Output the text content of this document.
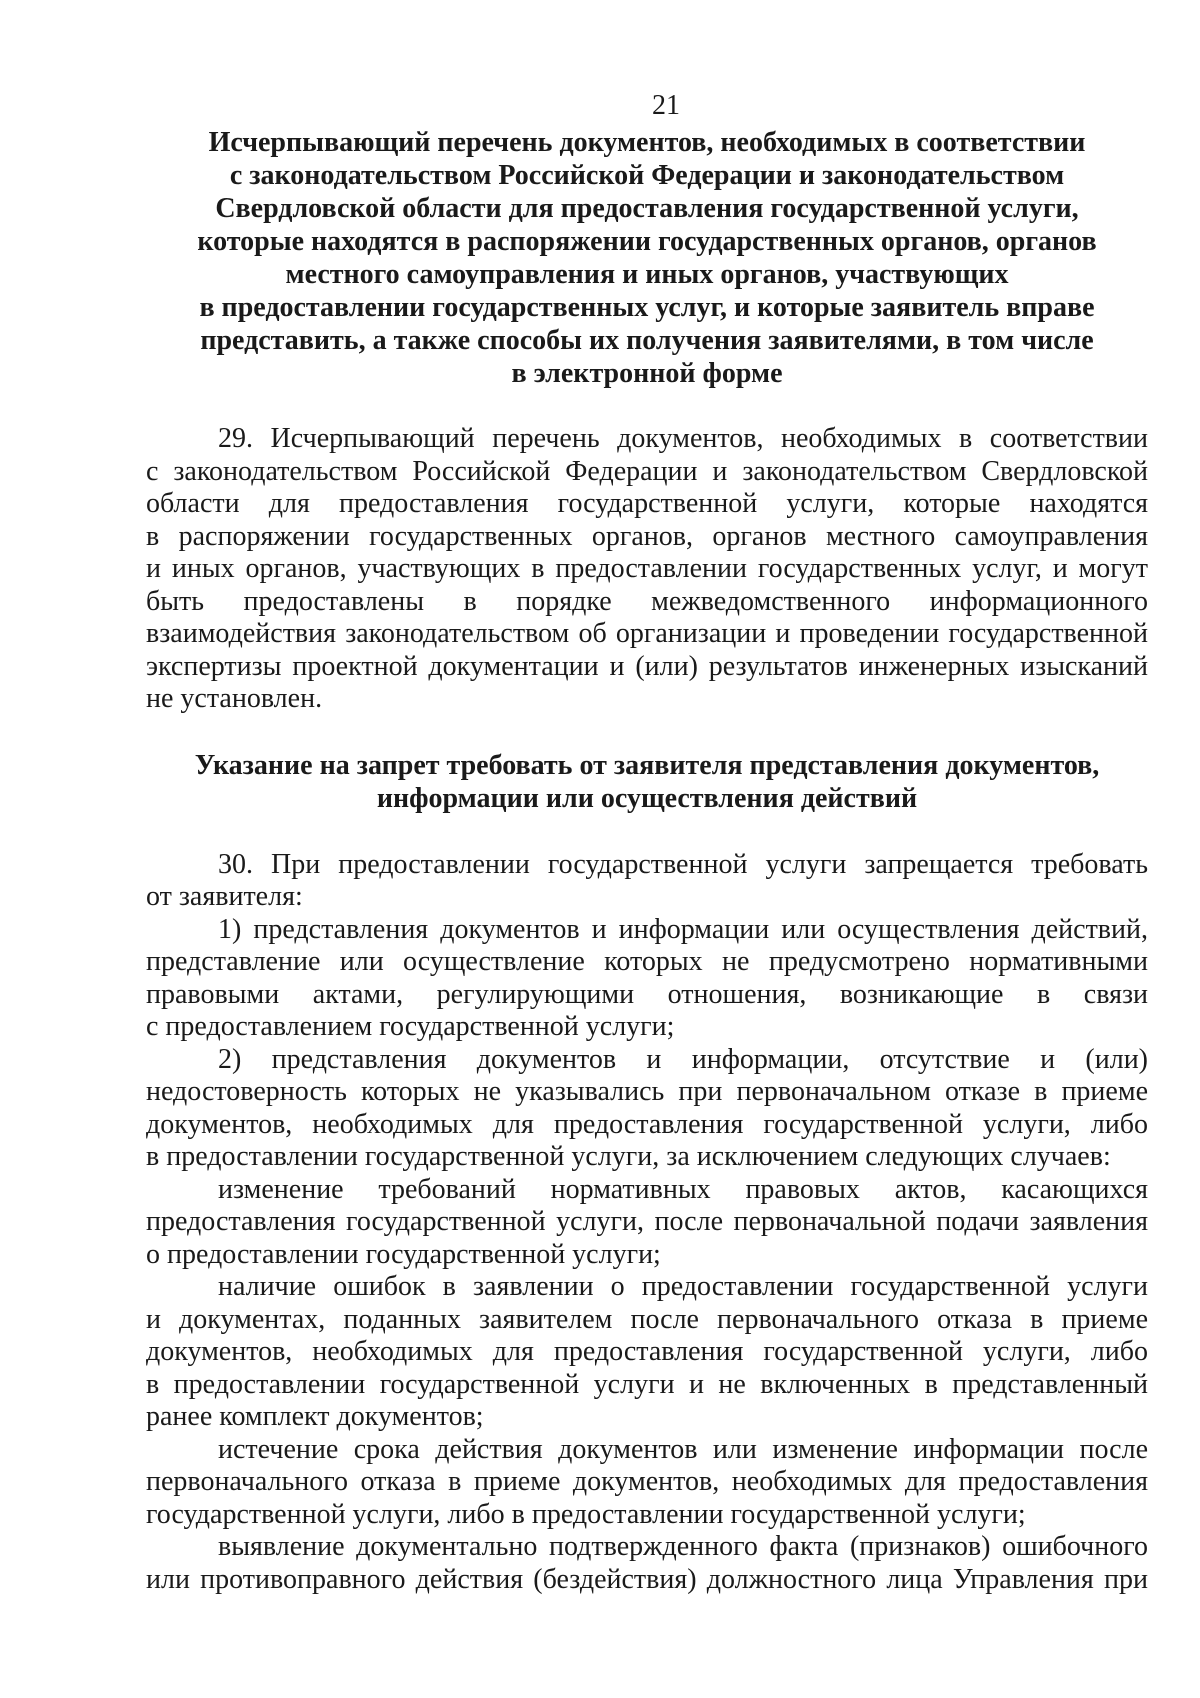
21
Исчерпывающий перечень документов, необходимых в соответствии
с законодательством Российской Федерации и законодательством
Свердловской области для предоставления государственной услуги,
которые находятся в распоряжении государственных органов, органов
местного самоуправления и иных органов, участвующих
в предоставлении государственных услуг, и которые заявитель вправе
представить, а также способы их получения заявителями, в том числе
в электронной форме
29. Исчерпывающий перечень документов, необходимых в соответствии
с законодательством Российской Федерации и законодательством Свердловской
области для предоставления государственной услуги, которые находятся
в распоряжении государственных органов, органов местного самоуправления
и иных органов, участвующих в предоставлении государственных услуг, и могут
быть предоставлены в порядке межведомственного информационного
взаимодействия законодательством об организации и проведении государственной
экспертизы проектной документации и (или) результатов инженерных изысканий
не установлен.
Указание на запрет требовать от заявителя представления документов,
информации или осуществления действий
30. При предоставлении государственной услуги запрещается требовать
от заявителя:
1) представления документов и информации или осуществления действий,
представление или осуществление которых не предусмотрено нормативными
правовыми актами, регулирующими отношения, возникающие в связи
с предоставлением государственной услуги;
2) представления документов и информации, отсутствие и (или)
недостоверность которых не указывались при первоначальном отказе в приеме
документов, необходимых для предоставления государственной услуги, либо
в предоставлении государственной услуги, за исключением следующих случаев:
изменение требований нормативных правовых актов, касающихся
предоставления государственной услуги, после первоначальной подачи заявления
о предоставлении государственной услуги;
наличие ошибок в заявлении о предоставлении государственной услуги
и документах, поданных заявителем после первоначального отказа в приеме
документов, необходимых для предоставления государственной услуги, либо
в предоставлении государственной услуги и не включенных в представленный
ранее комплект документов;
истечение срока действия документов или изменение информации после
первоначального отказа в приеме документов, необходимых для предоставления
государственной услуги, либо в предоставлении государственной услуги;
выявление документально подтвержденного факта (признаков) ошибочного
или противоправного действия (бездействия) должностного лица Управления при
